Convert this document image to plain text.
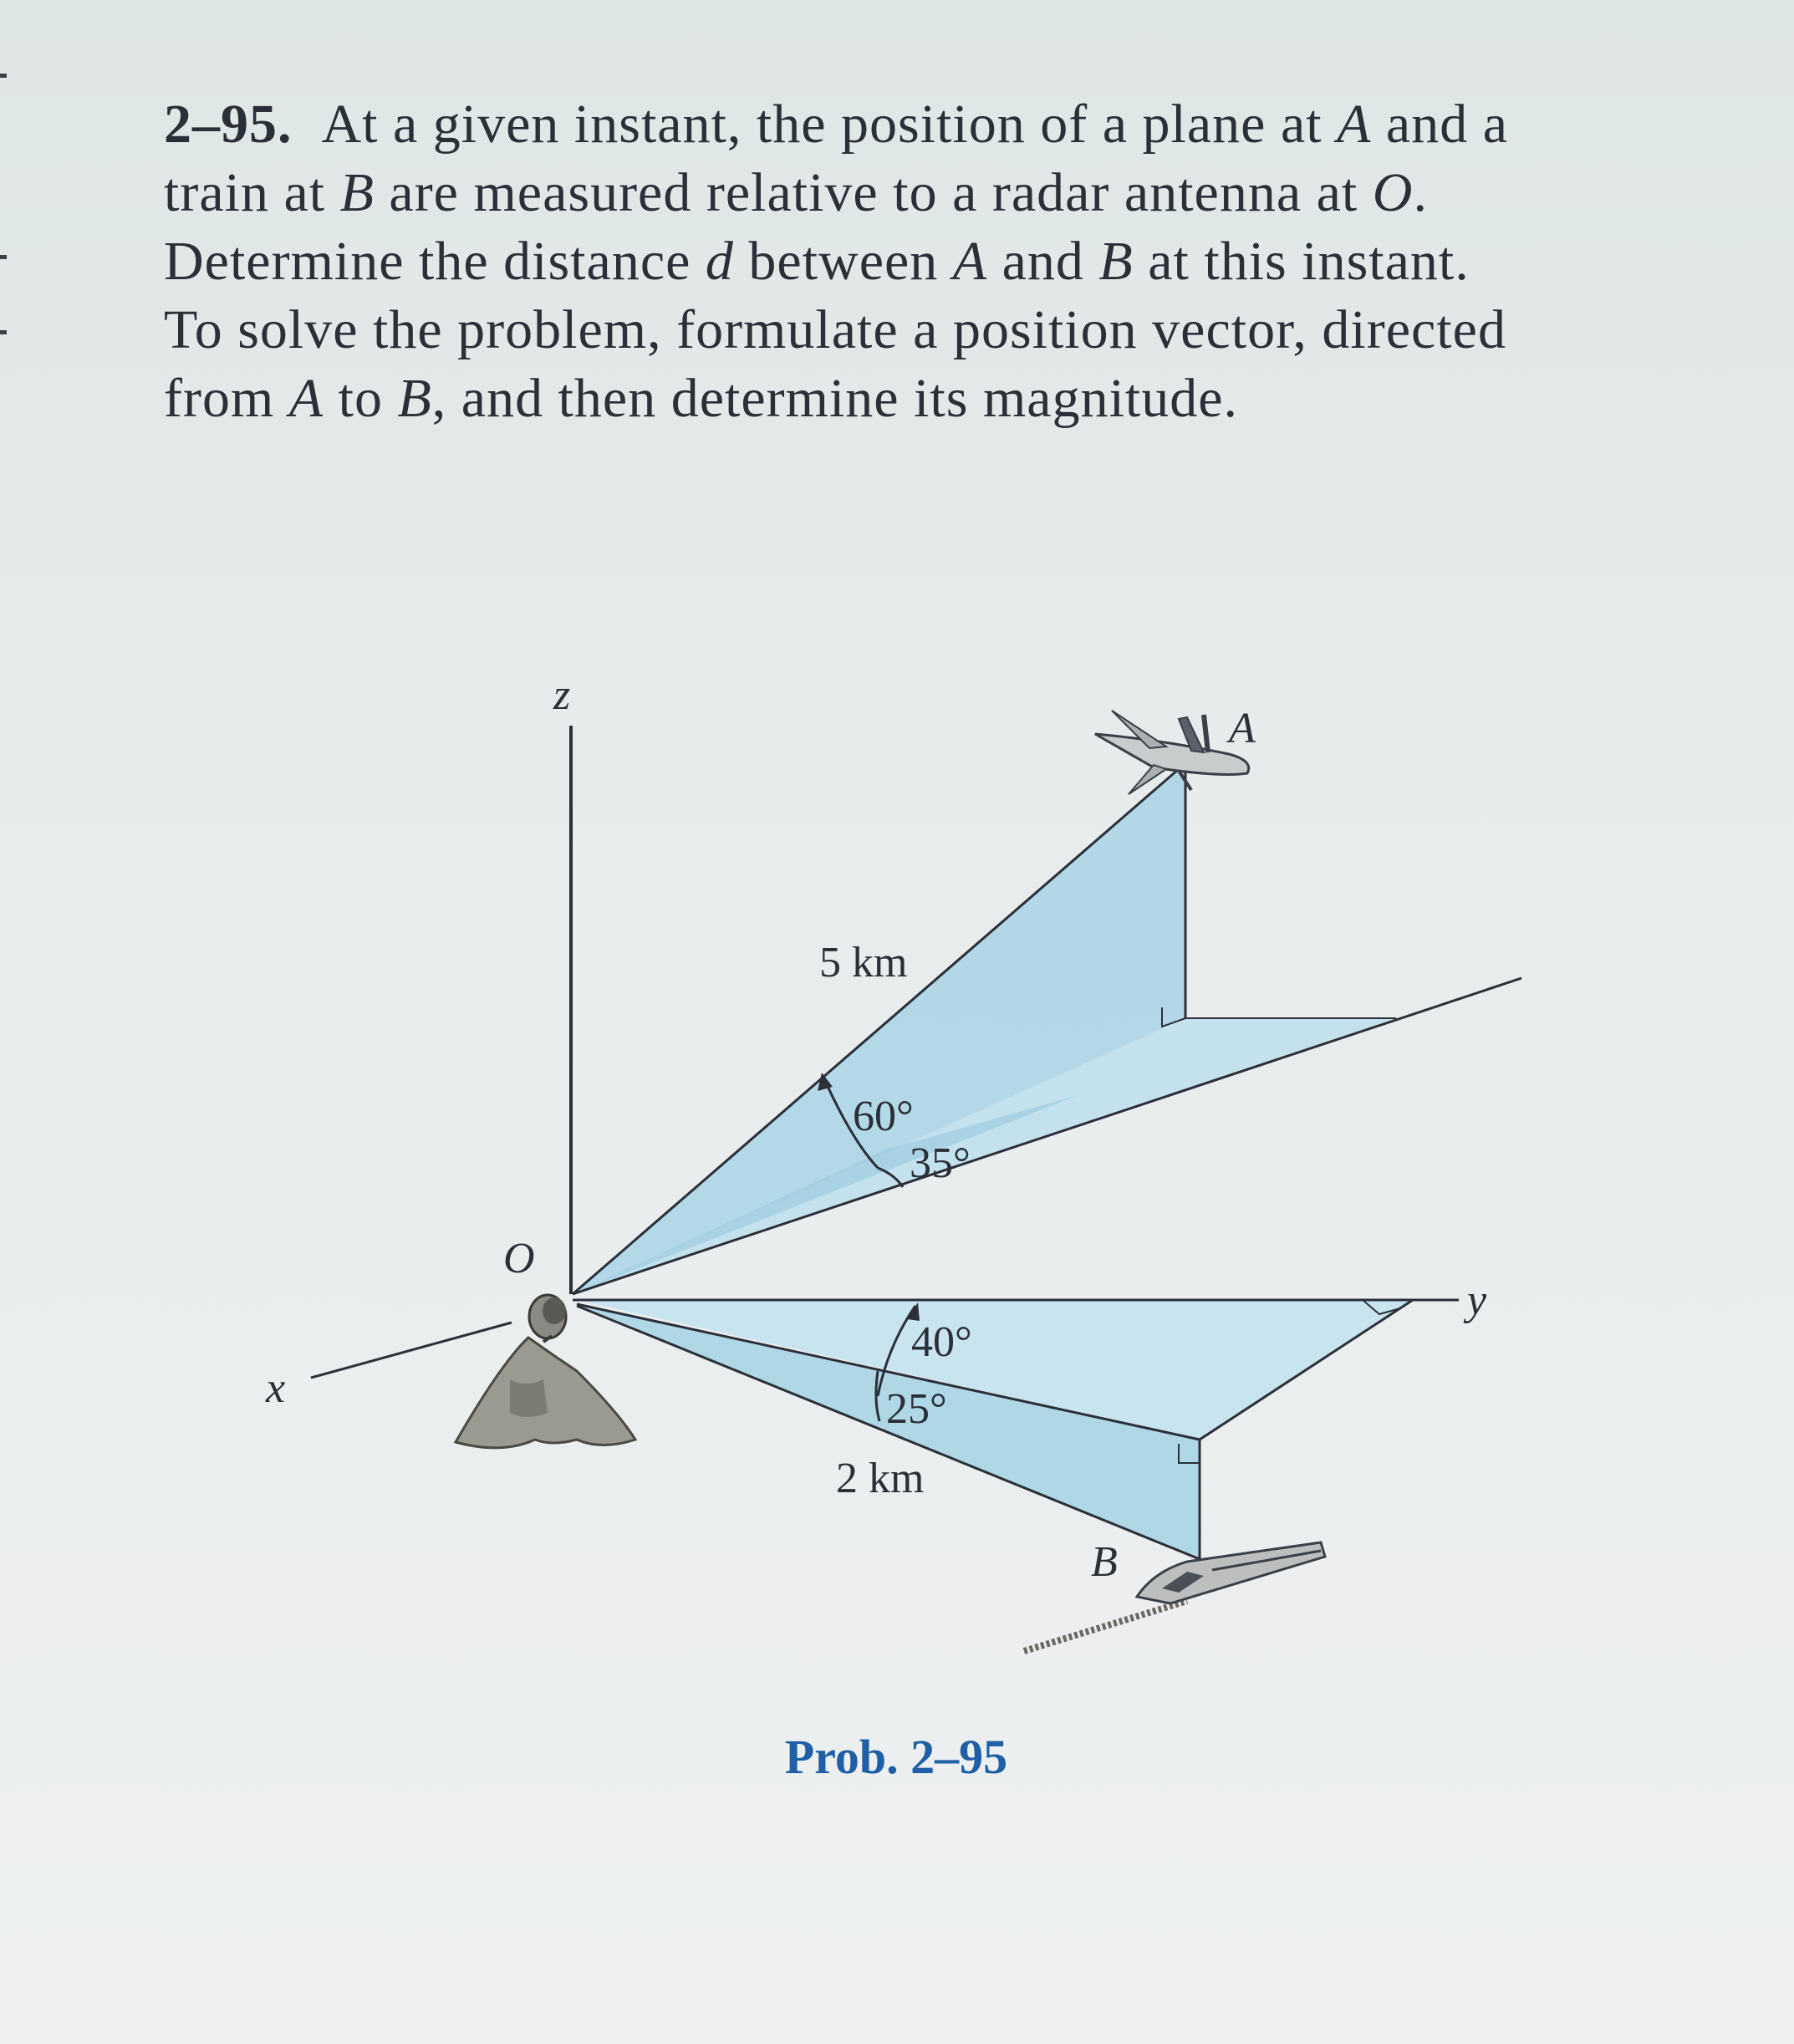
2–95. At a given instant, the position of a plane at A and a
train at B are measured relative to a radar antenna at O.
Determine the distance d between A and B at this instant.
To solve the problem, formulate a position vector, directed
from A to B, and then determine its magnitude.
z
x
y
O
A
B
5 km
2 km
60°
35°
40°
25°
Prob. 2–95
